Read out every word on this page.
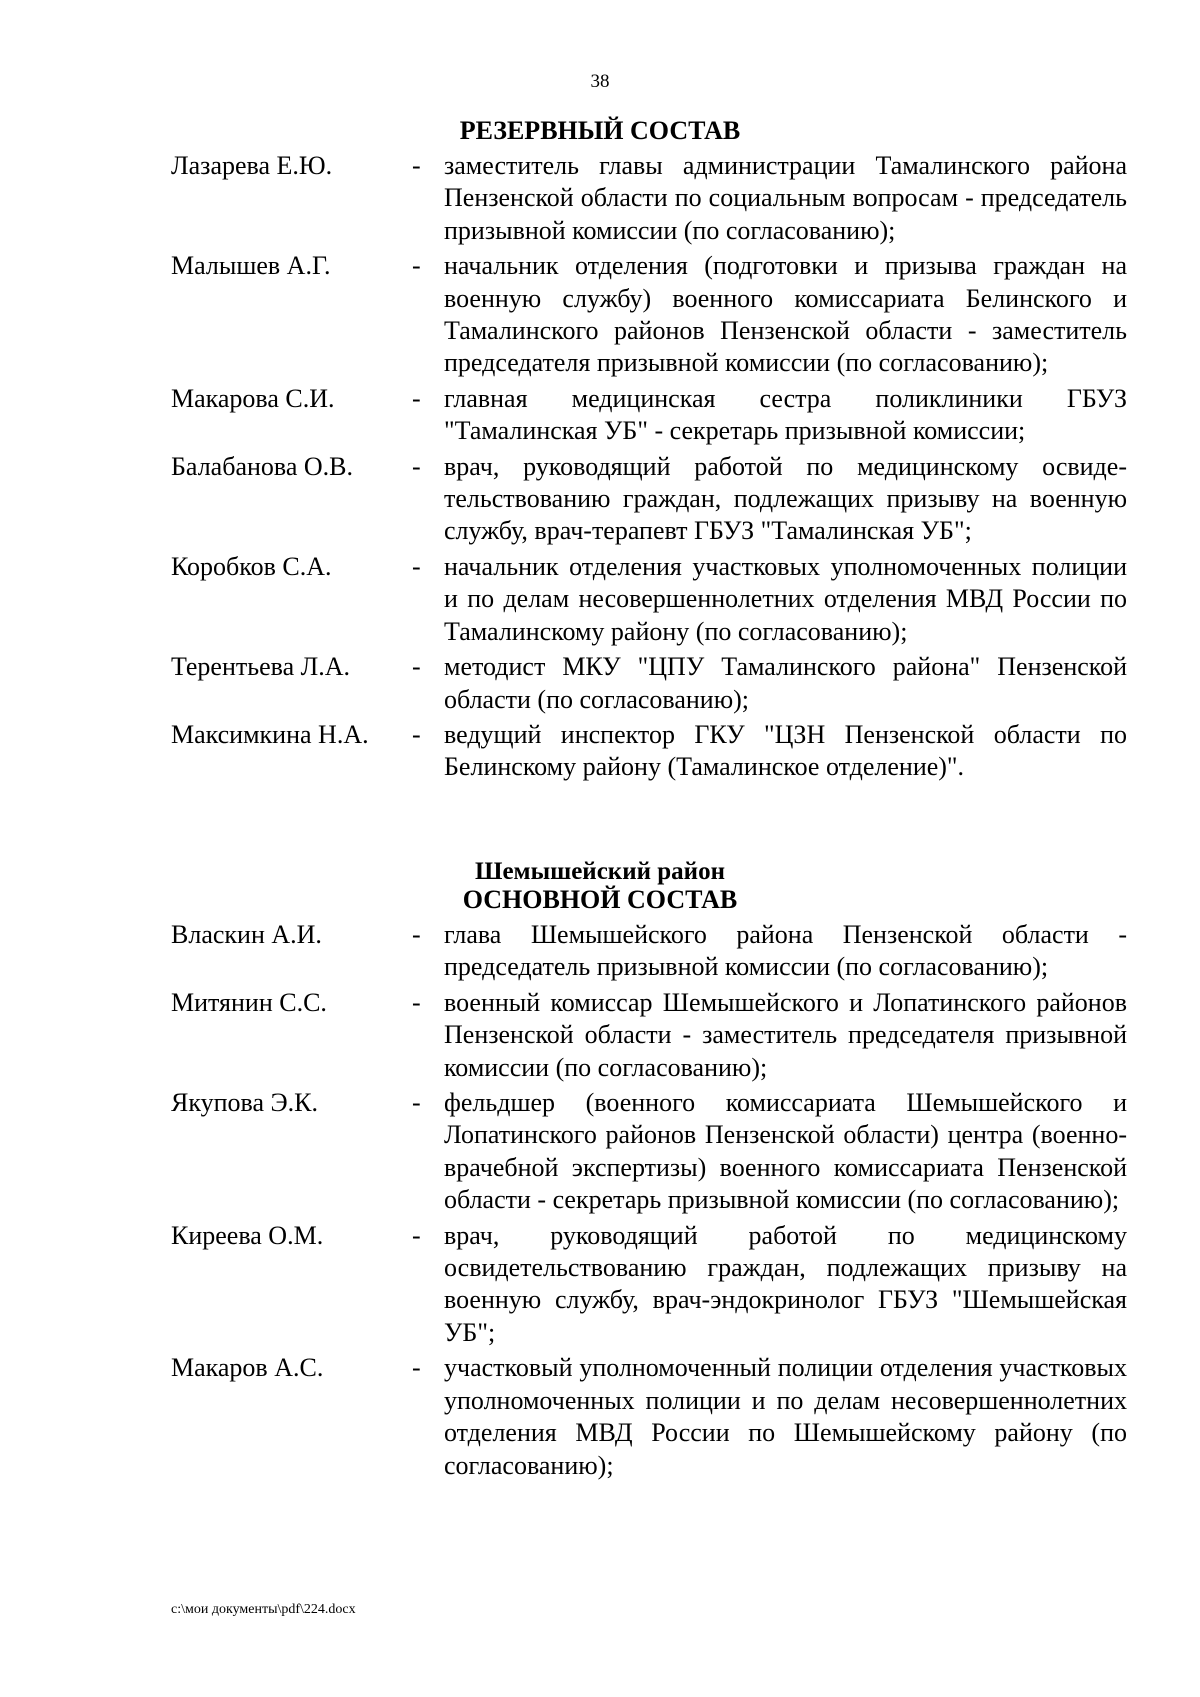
38
РЕЗЕРВНЫЙ СОСТАВ
Лазарева Е.Ю.	- заместитель главы администрации Тамалинского района Пензенской области по социальным вопросам - председатель призывной комиссии (по согласованию);
Малышев А.Г.	- начальник отделения (подготовки и призыва граждан на военную службу) военного комиссариата Белинского и Тамалинского районов Пензенской области - заместитель председателя призывной комиссии (по согласованию);
Макарова С.И.	- главная медицинская сестра поликлиники ГБУЗ "Тамалинская УБ" - секретарь призывной комиссии;
Балабанова О.В. - врач, руководящий работой по медицинскому освиде-тельствованию граждан, подлежащих призыву на военную службу, врач-терапевт ГБУЗ "Тамалинская УБ";
Коробков С.А.	- начальник отделения участковых уполномоченных полиции и по делам несовершеннолетних отделения МВД России по Тамалинскому району (по согласованию);
Терентьева Л.А. - методист МКУ "ЦПУ Тамалинского района" Пензенской области (по согласованию);
Максимкина Н.А. - ведущий инспектор ГКУ "ЦЗН Пензенской области по Белинскому району (Тамалинское отделение)".
Шемышейский район
ОСНОВНОЙ СОСТАВ
Власкин А.И.	- глава Шемышейского района Пензенской области - председатель призывной комиссии (по согласованию);
Митянин С.С.	- военный комиссар Шемышейского и Лопатинского районов Пензенской области - заместитель председателя призывной комиссии (по согласованию);
Якупова Э.К.	- фельдшер (военного комиссариата Шемышейского и Лопатинского районов Пензенской области) центра (военно-врачебной экспертизы) военного комиссариата Пензенской области - секретарь призывной комиссии (по согласованию);
Киреева О.М.	- врач, руководящий работой по медицинскому освидетельствованию граждан, подлежащих призыву на военную службу, врач-эндокринолог ГБУЗ "Шемышейская УБ";
Макаров А.С.	- участковый уполномоченный полиции отделения участковых уполномоченных полиции и по делам несовершеннолетних отделения МВД России по Шемышейскому району (по согласованию);
c:\мои документы\pdf\224.docx
